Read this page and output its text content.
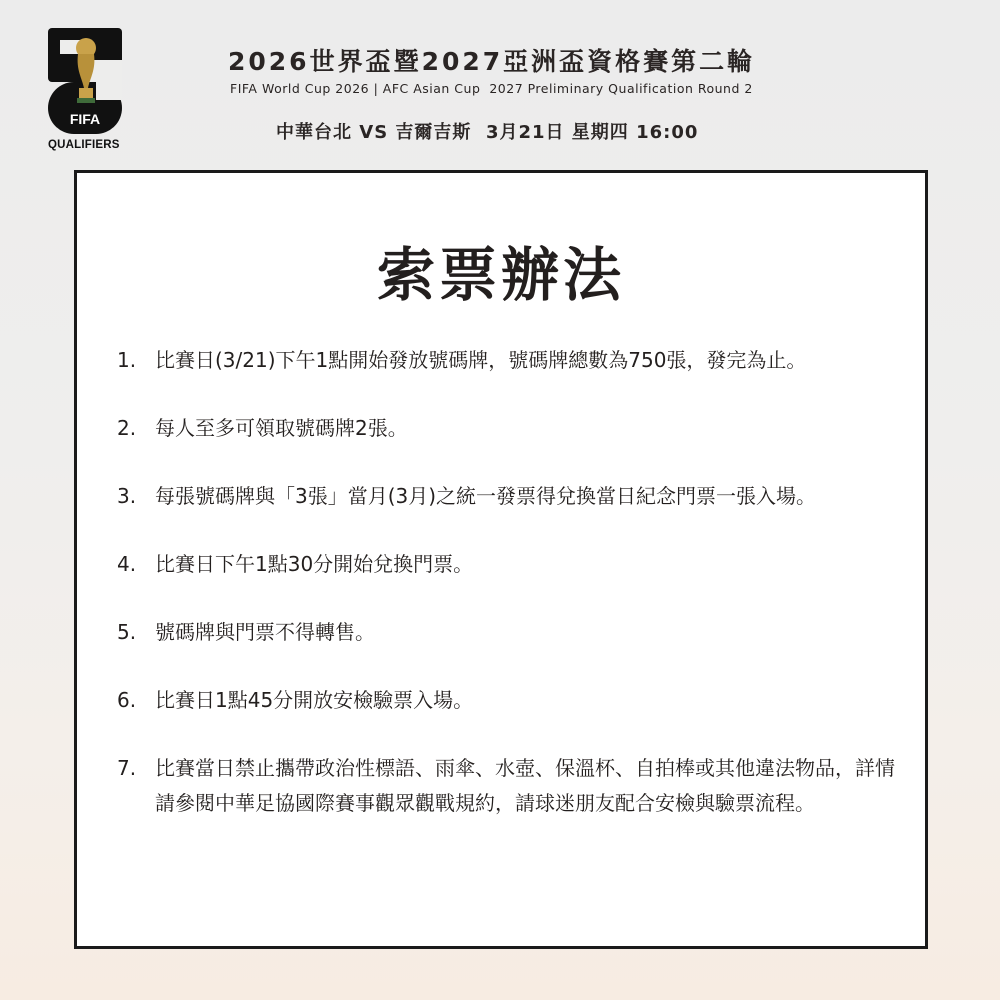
FIFA
QUALIFIERS
2026世界盃暨2027亞洲盃資格賽第二輪
FIFA World Cup 2026 | AFC Asian Cup  2027 Preliminary Qualification Round 2
中華台北 VS 吉爾吉斯  3月21日 星期四 16:00
索票辦法
1. 比賽日(3/21)下午1點開始發放號碼牌，號碼牌總數為750張，發完為止。
2. 每人至多可領取號碼牌2張。
3. 每張號碼牌與「3張」當月(3月)之統一發票得兌換當日紀念門票一張入場。
4. 比賽日下午1點30分開始兌換門票。
5. 號碼牌與門票不得轉售。
6. 比賽日1點45分開放安檢驗票入場。
7. 比賽當日禁止攜帶政治性標語、雨傘、水壺、保溫杯、自拍棒或其他違法物品，詳情請參閱中華足協國際賽事觀眾觀戰規約，請球迷朋友配合安檢與驗票流程。
